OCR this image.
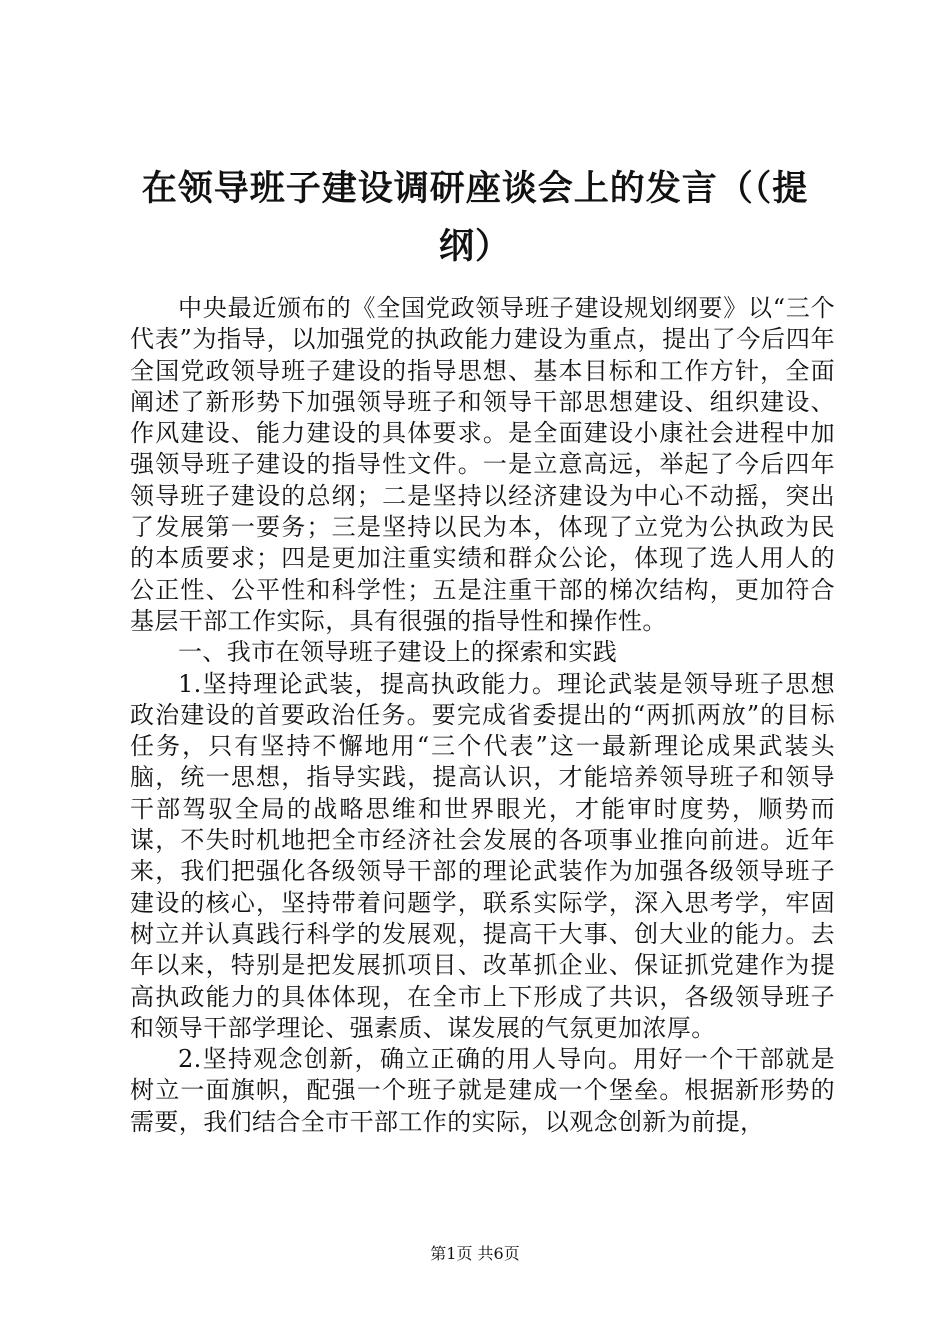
在领导班子建设调研座谈会上的发言（（提纲）

中央最近颁布的《全国党政领导班子建设规划纲要》以“三个代表”为指导，以加强党的执政能力建设为重点，提出了今后四年全国党政领导班子建设的指导思想、基本目标和工作方针，全面阐述了新形势下加强领导班子和领导干部思想建设、组织建设、作风建设、能力建设的具体要求。是全面建设小康社会进程中加强领导班子建设的指导性文件。一是立意高远，举起了今后四年领导班子建设的总纲；二是坚持以经济建设为中心不动摇，突出了发展第一要务；三是坚持以民为本，体现了立党为公执政为民的本质要求；四是更加注重实绩和群众公论，体现了选人用人的公正性、公平性和科学性；五是注重干部的梯次结构，更加符合基层干部工作实际，具有很强的指导性和操作性。

一、我市在领导班子建设上的探索和实践

1.坚持理论武装，提高执政能力。理论武装是领导班子思想政治建设的首要政治任务。要完成省委提出的“两抓两放”的目标任务，只有坚持不懈地用“三个代表”这一最新理论成果武装头脑，统一思想，指导实践，提高认识，才能培养领导班子和领导干部驾驭全局的战略思维和世界眼光，才能审时度势，顺势而谋，不失时机地把全市经济社会发展的各项事业推向前进。近年来，我们把强化各级领导干部的理论武装作为加强各级领导班子建设的核心，坚持带着问题学，联系实际学，深入思考学，牢固树立并认真践行科学的发展观，提高干大事、创大业的能力。去年以来，特别是把发展抓项目、改革抓企业、保证抓党建作为提高执政能力的具体体现，在全市上下形成了共识，各级领导班子和领导干部学理论、强素质、谋发展的气氛更加浓厚。

2.坚持观念创新，确立正确的用人导向。用好一个干部就是树立一面旗帜，配强一个班子就是建成一个堡垒。根据新形势的需要，我们结合全市干部工作的实际，以观念创新为前提，

第1页 共6页
